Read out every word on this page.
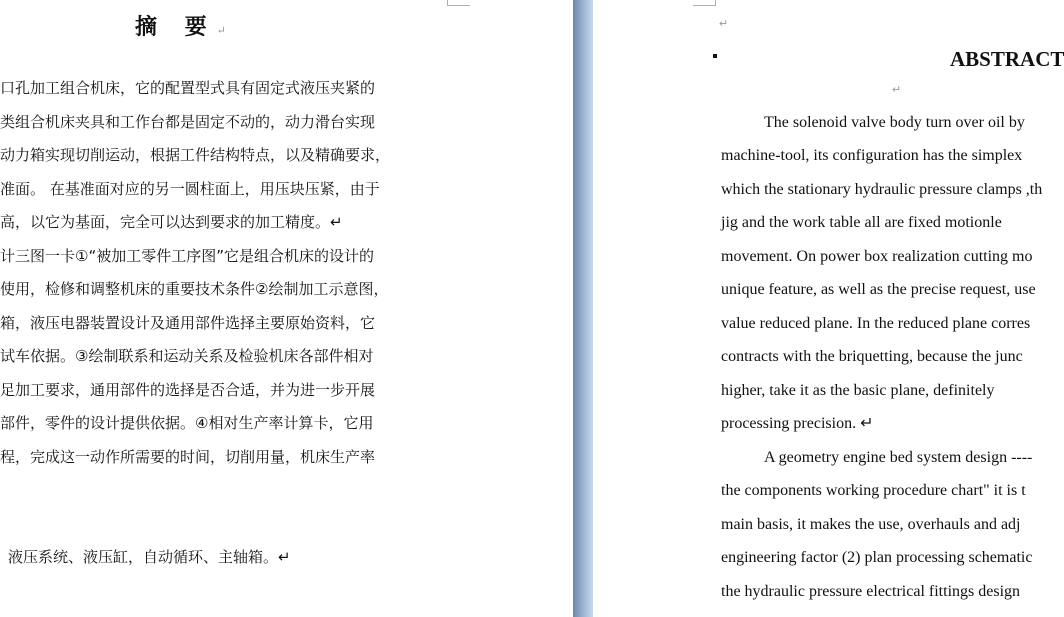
摘 要↵
口孔加工组合机床，它的配置型式具有固定式液压夹紧的
类组合机床夹具和工作台都是固定不动的，动力滑台实现
动力箱实现切削运动，根据工件结构特点，以及精确要求，
准面。 在基准面对应的另一圆柱面上，用压块压紧，由于
高，以它为基面，完全可以达到要求的加工精度。↵
计三图一卡①“被加工零件工序图”它是组合机床的设计的
使用，检修和调整机床的重要技术条件②绘制加工示意图，
箱，液压电器装置设计及通用部件选择主要原始资料，它
试车依据。③绘制联系和运动关系及检验机床各部件相对
足加工要求，通用部件的选择是否合适，并为进一步开展
部件，零件的设计提供依据。④相对生产率计算卡，它用
程，完成这一动作所需要的时间，切削用量，机床生产率
液压系统、液压缸，自动循环、主轴箱。↵
↵
ABSTRACT
↵
The solenoid valve body turn over oil by
machine-tool, its configuration has the simplex
which the stationary hydraulic pressure clamps ,th
jig and the work table all are fixed motionle
movement. On power box realization cutting mo
unique feature, as well as the precise request, use
value reduced plane. In the reduced plane corres
contracts with the briquetting, because the junc
higher, take it as the basic plane, definitely
processing precision. ↵
A geometry engine bed system design ----
the components working procedure chart" it is t
main basis, it makes the use, overhauls and adj
engineering factor (2) plan processing schematic
the hydraulic pressure electrical fittings design
